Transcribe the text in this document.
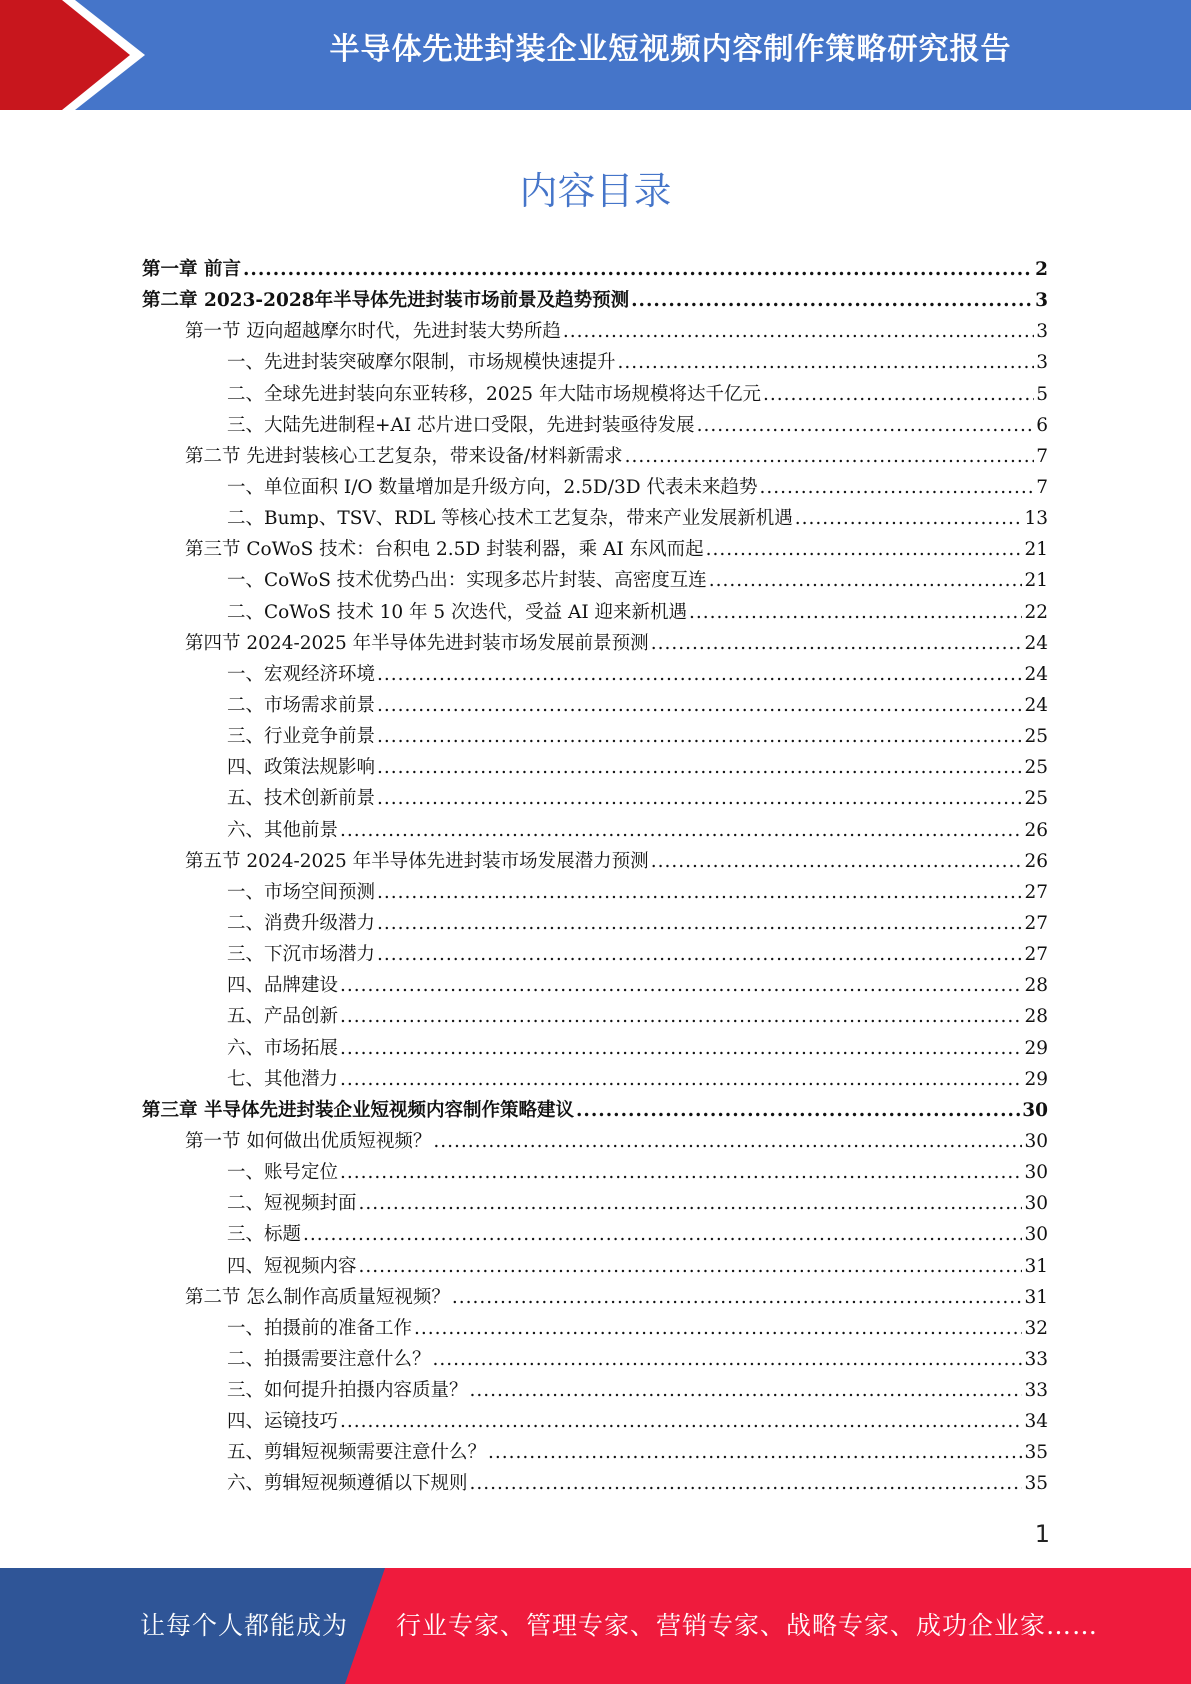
半导体先进封装企业短视频内容制作策略研究报告
内容目录
第一章 前言 .....	2
第二章 2023-2028年半导体先进封装市场前景及趋势预测 .....	3
第一节 迈向超越摩尔时代，先进封装大势所趋 .....	3
一、先进封装突破摩尔限制，市场规模快速提升 .....	3
二、全球先进封装向东亚转移，2025 年大陆市场规模将达千亿元 .....	5
三、大陆先进制程+AI 芯片进口受限，先进封装亟待发展 .....	6
第二节 先进封装核心工艺复杂，带来设备/材料新需求 .....	7
一、单位面积 I/O 数量增加是升级方向，2.5D/3D 代表未来趋势 .....	7
二、Bump、TSV、RDL 等核心技术工艺复杂，带来产业发展新机遇 .....	13
第三节 CoWoS 技术：台积电 2.5D 封装利器，乘 AI 东风而起 .....	21
一、CoWoS 技术优势凸出：实现多芯片封装、高密度互连 .....	21
二、CoWoS 技术 10 年 5 次迭代，受益 AI 迎来新机遇 .....	22
第四节 2024-2025 年半导体先进封装市场发展前景预测 .....	24
一、宏观经济环境 .....	24
二、市场需求前景 .....	24
三、行业竞争前景 .....	25
四、政策法规影响 .....	25
五、技术创新前景 .....	25
六、其他前景 .....	26
第五节 2024-2025 年半导体先进封装市场发展潜力预测 .....	26
一、市场空间预测 .....	27
二、消费升级潜力 .....	27
三、下沉市场潜力 .....	27
四、品牌建设 .....	28
五、产品创新 .....	28
六、市场拓展 .....	29
七、其他潜力 .....	29
第三章 半导体先进封装企业短视频内容制作策略建议 .....	30
第一节 如何做出优质短视频？ .....	30
一、账号定位 .....	30
二、短视频封面 .....	30
三、标题 .....	30
四、短视频内容 .....	31
第二节 怎么制作高质量短视频？ .....	31
一、拍摄前的准备工作 .....	32
二、拍摄需要注意什么？ .....	33
三、如何提升拍摄内容质量？ .....	33
四、运镜技巧 .....	34
五、剪辑短视频需要注意什么？ .....	35
六、剪辑短视频遵循以下规则 .....	35
1
让每个人都能成为 行业专家、管理专家、营销专家、战略专家、成功企业家……
